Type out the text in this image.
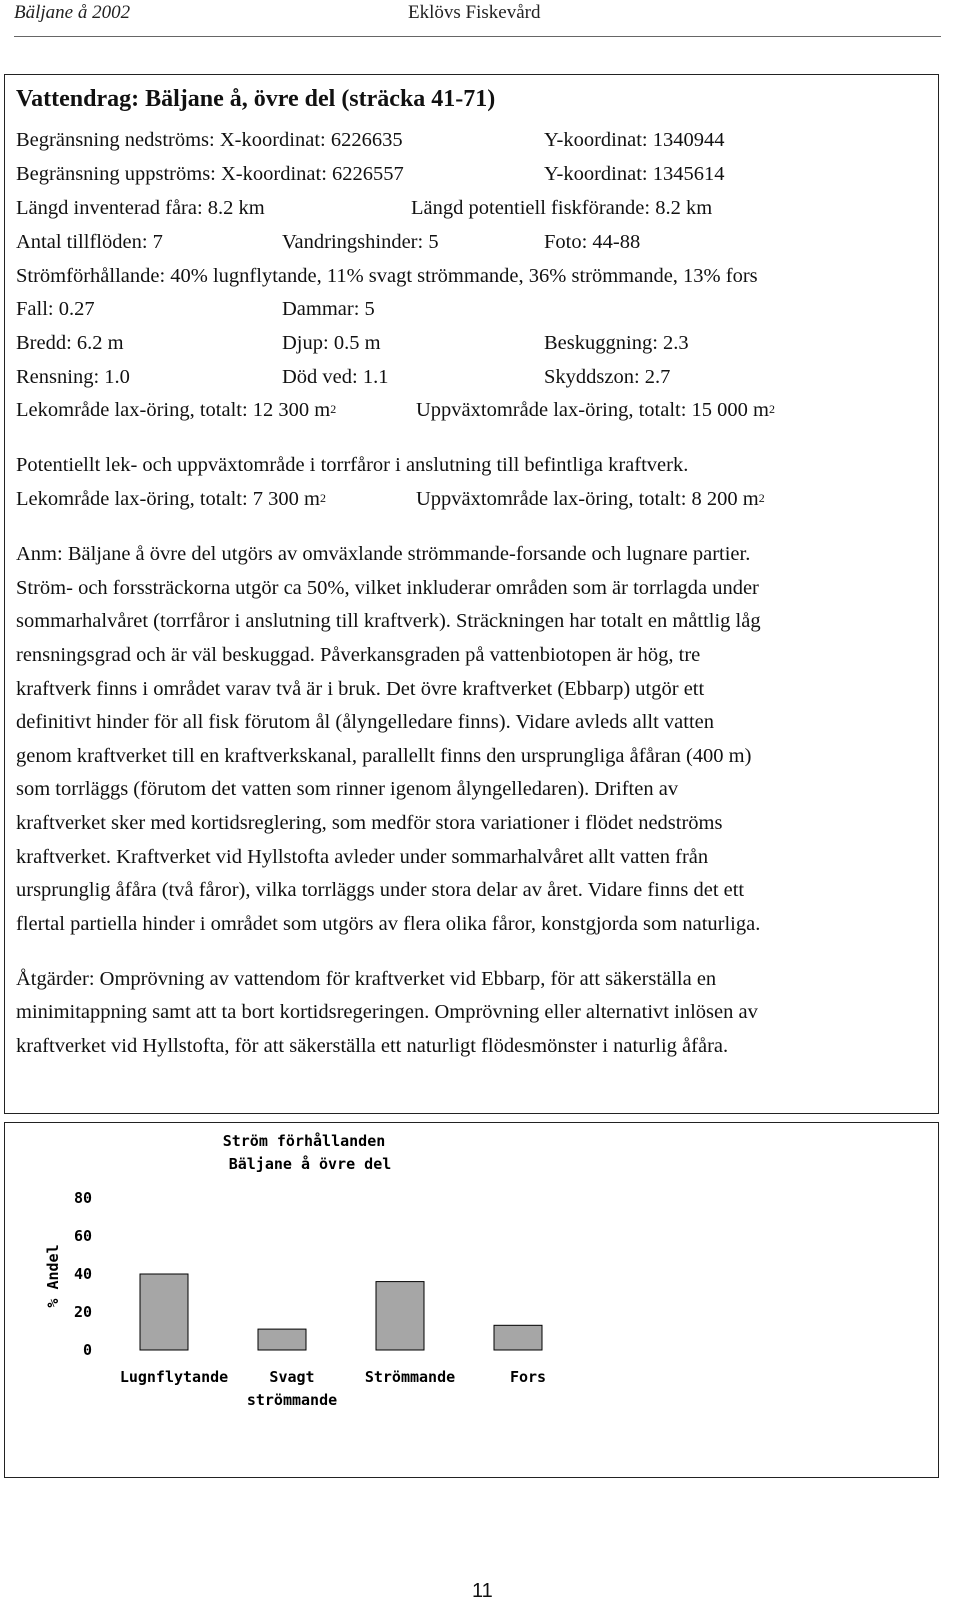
Bäljane å 2002	Eklövs Fiskevård
Vattendrag: Bäljane å, övre del (sträcka 41-71)
Begränsning nedströms: X-koordinat: 6226635	Y-koordinat: 1340944
Begränsning uppströms: X-koordinat: 6226557	Y-koordinat: 1345614
Längd inventerad fåra: 8.2 km	Längd potentiell fiskförande: 8.2 km
Antal tillflöden: 7	Vandringshinder: 5	Foto: 44-88
Strömförhållande: 40% lugnflytande, 11% svagt strömmande, 36% strömmande, 13% fors
Fall: 0.27	Dammar: 5
Bredd: 6.2 m	Djup: 0.5 m	Beskuggning: 2.3
Rensning: 1.0	Död ved: 1.1	Skyddszon: 2.7
Lekområde lax-öring, totalt: 12 300 $m^2$	Uppväxtområde lax-öring, totalt: 15 000 $m^2$
Potentiellt lek- och uppväxtområde i torrfåror i anslutning till befintliga kraftverk.
Lekområde lax-öring, totalt: 7 300 $m^2$	Uppväxtområde lax-öring, totalt: 8 200 $m^2$
Anm: Bäljane å övre del utgörs av omväxlande strömmande-forsande och lugnare partier.
Ström- och forssträckorna utgör ca 50%, vilket inkluderar områden som är torrlagda under
sommarhalvåret (torrfåror i anslutning till kraftverk). Sträckningen har totalt en måttlig låg
rensningsgrad och är väl beskuggad. Påverkansgraden på vattenbiotopen är hög, tre
kraftverk finns i området varav två är i bruk. Det övre kraftverket (Ebbarp) utgör ett
definitivt hinder för all fisk förutom ål (ålyngelledare finns). Vidare avleds allt vatten
genom kraftverket till en kraftverkskanal, parallellt finns den ursprungliga åfåran (400 m)
som torrläggs (förutom det vatten som rinner igenom ålyngelledaren). Driften av
kraftverket sker med kortidsreglering, som medför stora variationer i flödet nedströms
kraftverket. Kraftverket vid Hyllstofta avleder under sommarhalvåret allt vatten från
ursprunglig åfåra (två fåror), vilka torrläggs under stora delar av året. Vidare finns det ett
flertal partiella hinder i området som utgörs av flera olika fåror, konstgjorda som naturliga.
Åtgärder: Omprövning av vattendom för kraftverket vid Ebbarp, för att säkerställa en
minimitappning samt att ta bort kortidsregeringen. Omprövning eller alternativt inlösen av
kraftverket vid Hyllstofta, för att säkerställa ett naturligt flödesmönster i naturlig åfåra.
Ström förhållanden
Bäljane å övre del
% Andel
0
20
40
60
80
Lugnflytande	Svagt
strömmande
Strömmande	Fors
11
